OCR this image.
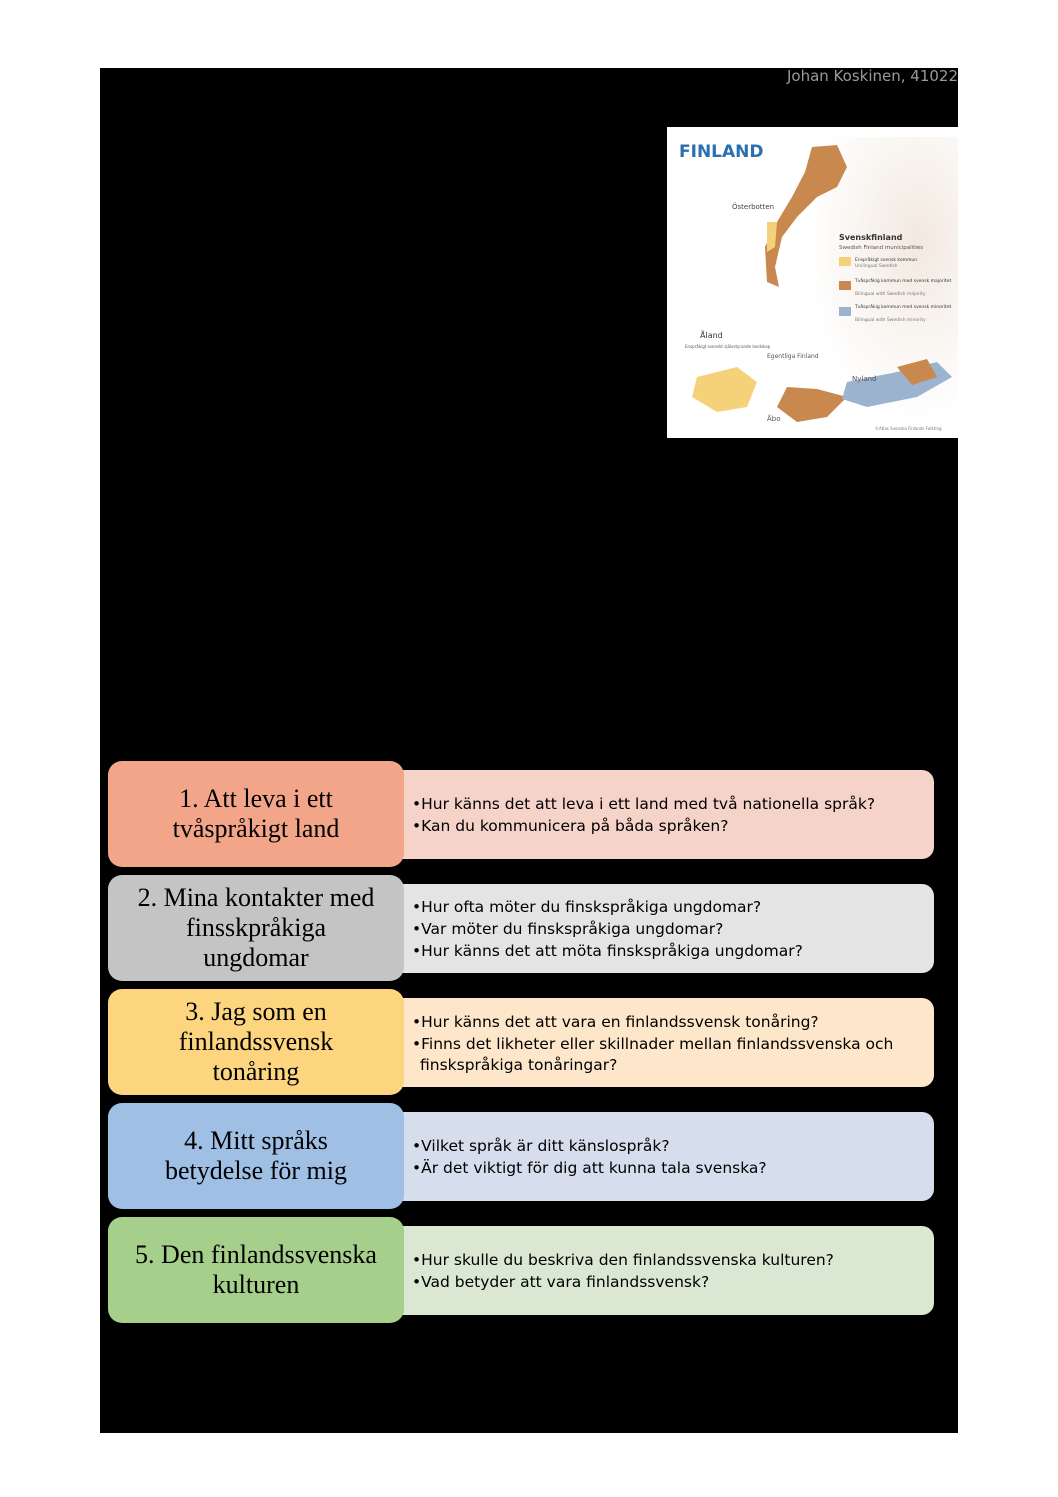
Johan Koskinen, 41022
FINLAND
Österbotten
Svenskfinland
Swedish Finland municipalities
Enspråkigt svensk kommun
Unilingual Swedish
Tvåspråkig kommun med svensk majoritet
Bilingual with Swedish majority
Tvåspråkig kommun med svensk minoritet
Bilingual with Swedish minority
Åland
Enspråkigt svenskt självstyrande landskap
Egentliga Finland
Nyland
Åbo
©Atlas Svenska Finlands Folkting
1. Att leva i ett
tvåspråkigt land
•Hur känns det att leva i ett land med två nationella språk?
•Kan du kommunicera på båda språken?
2. Mina kontakter med
finsskpråkiga
ungdomar
•Hur ofta möter du finskspråkiga ungdomar?
•Var möter du finskspråkiga ungdomar?
•Hur känns det att möta finskspråkiga ungdomar?
3. Jag som en
finlandssvensk
tonåring
•Hur känns det att vara en finlandssvensk tonåring?
•Finns det likheter eller skillnader mellan finlandssvenska och
finskspråkiga tonåringar?
4. Mitt språks
betydelse för mig
•Vilket språk är ditt känslospråk?
•Är det viktigt för dig att kunna tala svenska?
5. Den finlandssvenska
kulturen
•Hur skulle du beskriva den finlandssvenska kulturen?
•Vad betyder att vara finlandssvensk?
